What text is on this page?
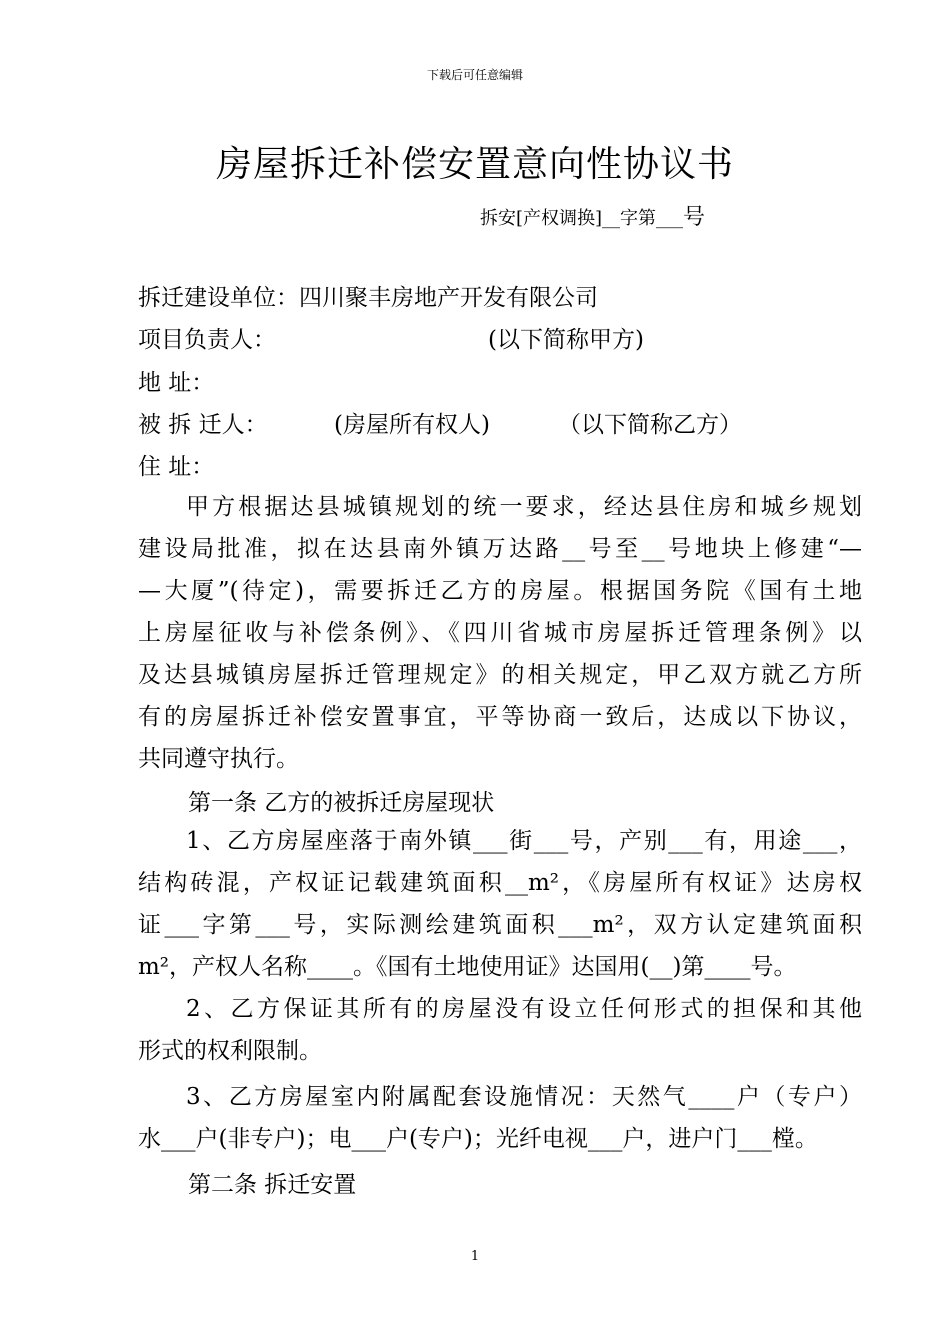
下载后可任意编辑
房屋拆迁补偿安置意向性协议书
拆安[产权调换]__字第___号
拆迁建设单位：四川聚丰房地产开发有限公司
项目负责人：	(以下简称甲方)
地 址：
被 拆 迁人：	(房屋所有权人)	（以下简称乙方）
住 址：

甲方根据达县城镇规划的统一要求，经达县住房和城乡规划

建设局批准，拟在达县南外镇万达路__号至__号地块上修建“—

—大厦”(待定)，需要拆迁乙方的房屋。根据国务院《国有土地

上房屋征收与补偿条例》、《四川省城市房屋拆迁管理条例》以

及达县城镇房屋拆迁管理规定》的相关规定，甲乙双方就乙方所

有的房屋拆迁补偿安置事宜，平等协商一致后，达成以下协议，

共同遵守执行。

第一条 乙方的被拆迁房屋现状

1、乙方房屋座落于南外镇___街___号，产别___有，用途___，

结构砖混，产权证记载建筑面积__m²，《房屋所有权证》达房权

证___字第___号，实际测绘建筑面积___m²，双方认定建筑面积

m²，产权人名称____。《国有土地使用证》达国用(__)第____号。

2、乙方保证其所有的房屋没有设立任何形式的担保和其他

形式的权利限制。

3、乙方房屋室内附属配套设施情况：天然气____户（专户）

水___户(非专户)；电___户(专户)；光纤电视___户，进户门___樘。

第二条 拆迁安置
1
